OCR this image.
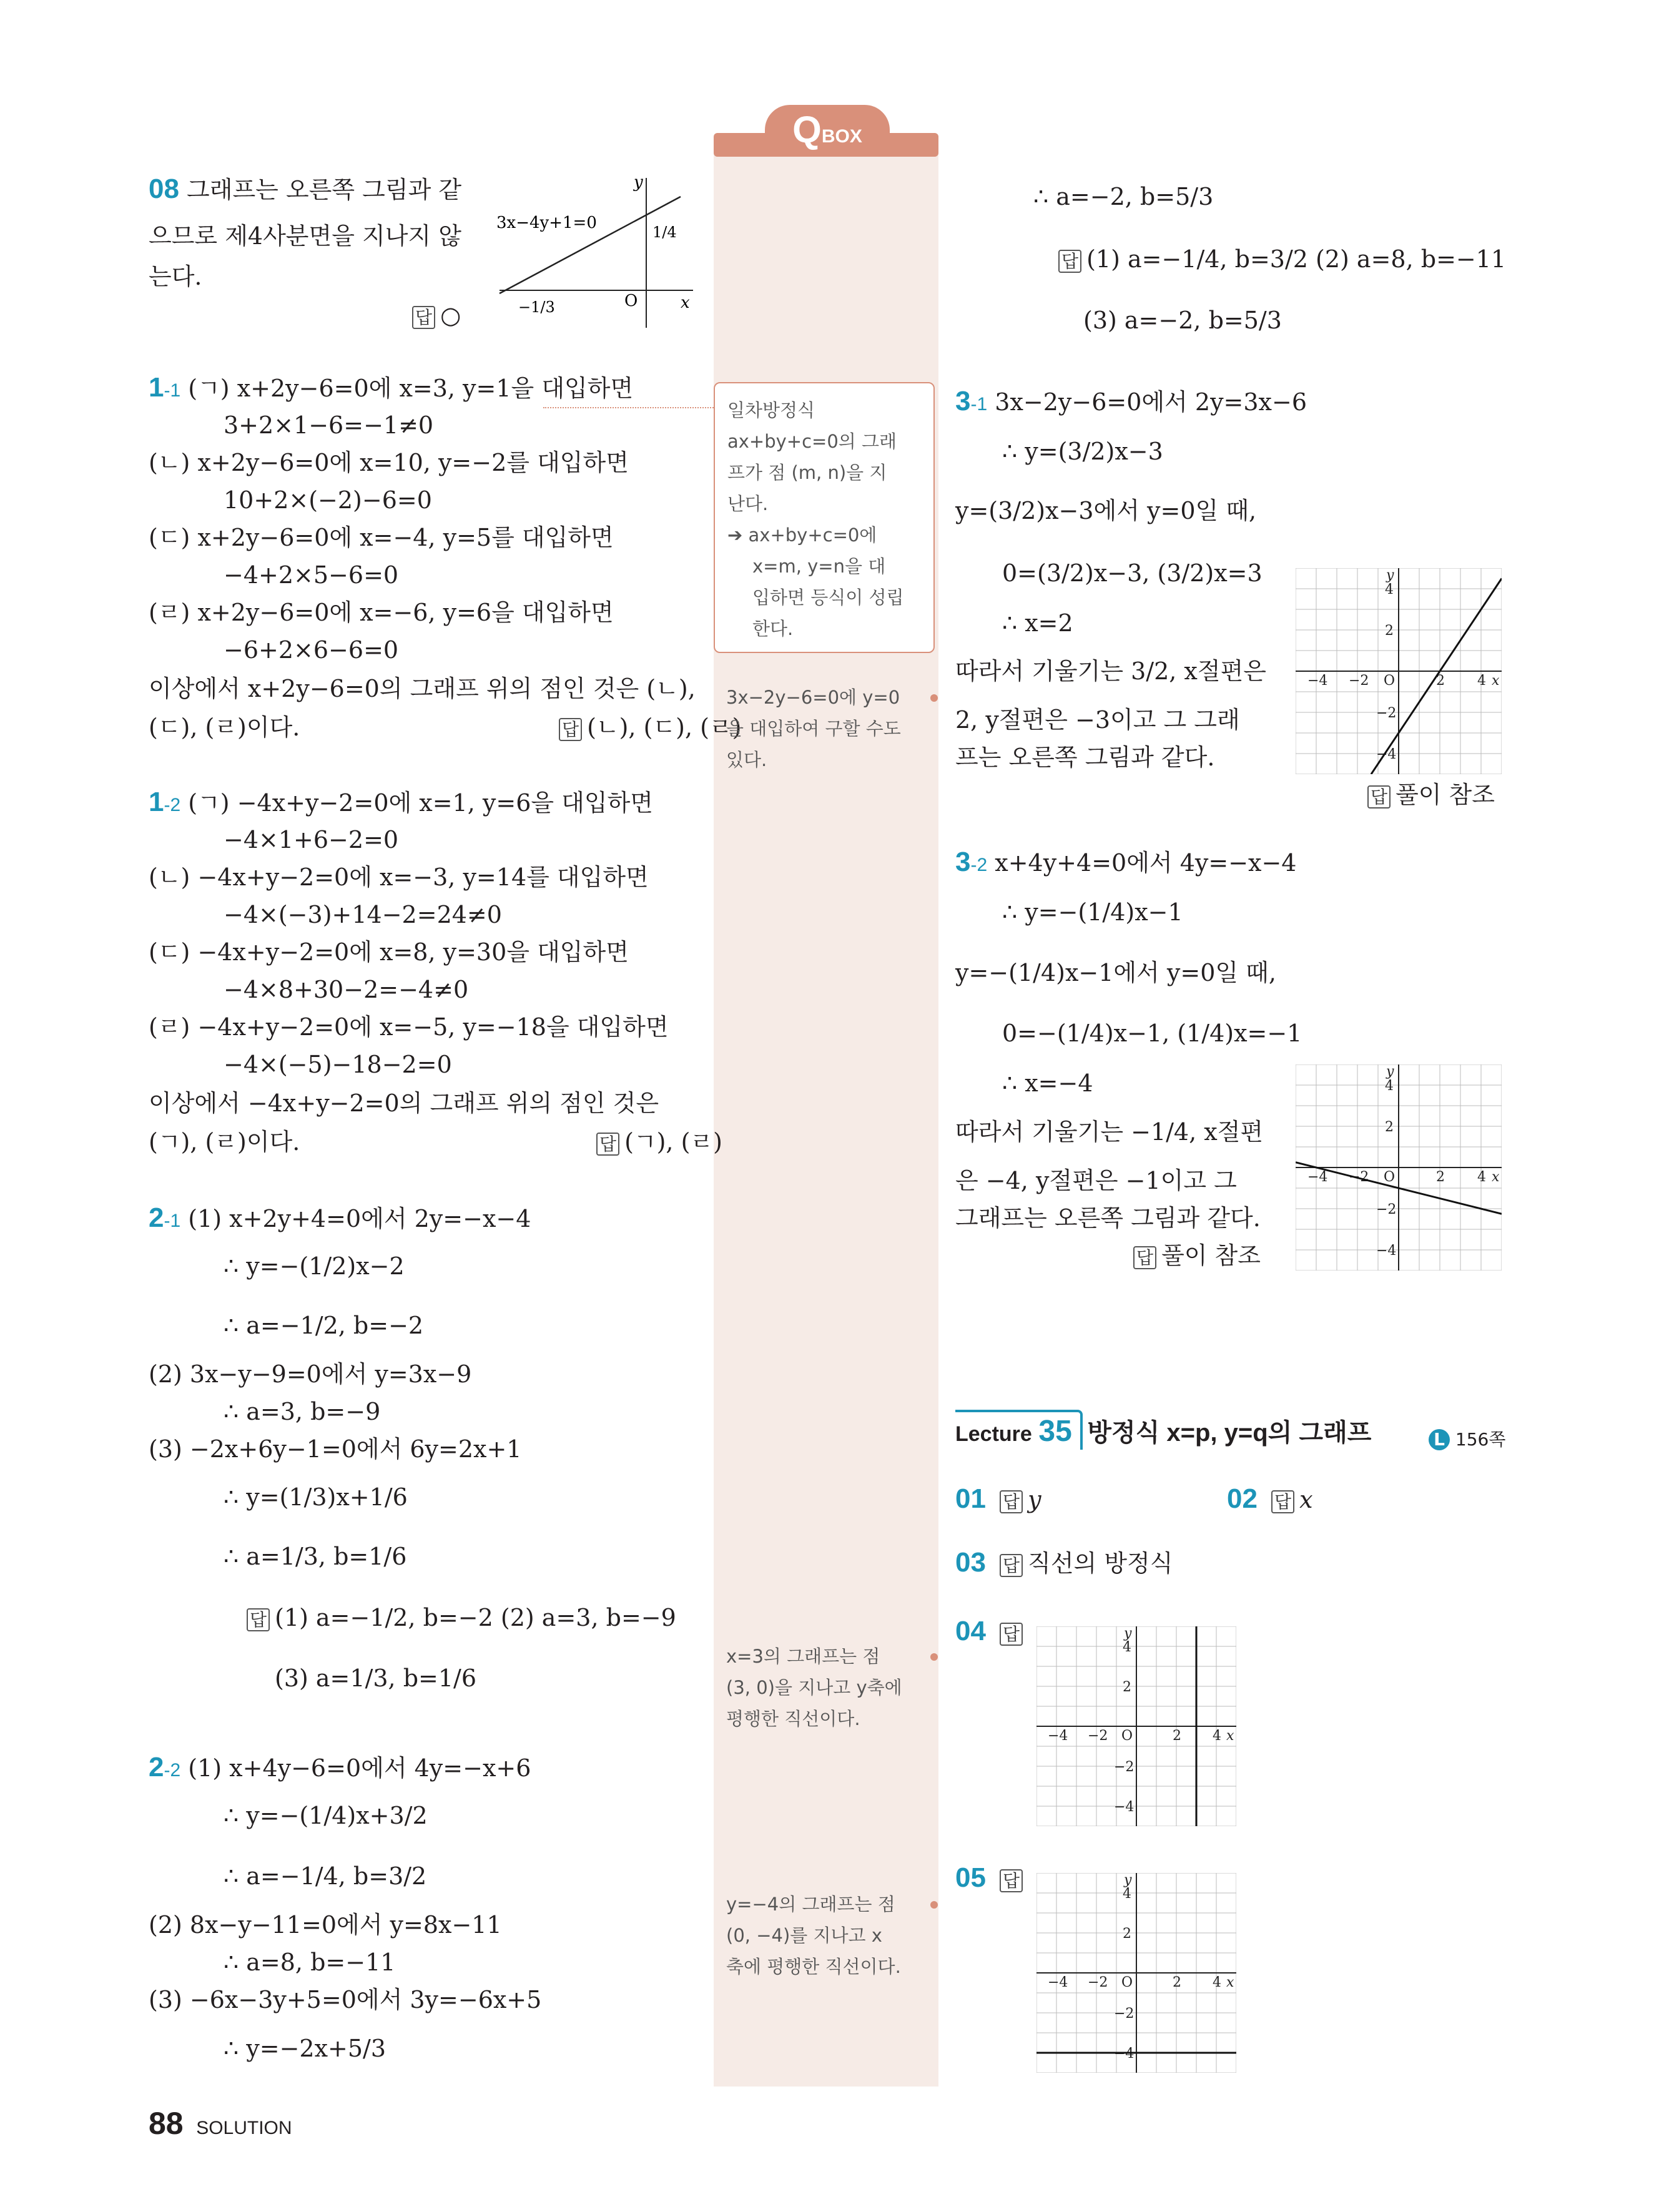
QBOX
08 그래프는 오른쪽 그림과 같
으므로 제4사분면을 지나지 않
는다.
답 ○
3x−4y+1=0	1/4
−1/3	O	x
y
1-1 (ㄱ) x+2y−6=0에 x=3, y=1을 대입하면
3+2×1−6=−1≠0
(ㄴ) x+2y−6=0에 x=10, y=−2를 대입하면
10+2×(−2)−6=0
(ㄷ) x+2y−6=0에 x=−4, y=5를 대입하면
−4+2×5−6=0
(ㄹ) x+2y−6=0에 x=−6, y=6을 대입하면
−6+2×6−6=0
이상에서 x+2y−6=0의 그래프 위의 점인 것은 (ㄴ),
(ㄷ), (ㄹ)이다.	답 (ㄴ), (ㄷ), (ㄹ)
1-2 (ㄱ) −4x+y−2=0에 x=1, y=6을 대입하면
−4×1+6−2=0
(ㄴ) −4x+y−2=0에 x=−3, y=14를 대입하면
−4×(−3)+14−2=24≠0
(ㄷ) −4x+y−2=0에 x=8, y=30을 대입하면
−4×8+30−2=−4≠0
(ㄹ) −4x+y−2=0에 x=−5, y=−18을 대입하면
−4×(−5)−18−2=0
이상에서 −4x+y−2=0의 그래프 위의 점인 것은
(ㄱ), (ㄹ)이다.	답 (ㄱ), (ㄹ)
2-1 (1) x+2y+4=0에서 2y=−x−4
∴ y=−(1/2)x−2
∴ a=−1/2, b=−2
(2) 3x−y−9=0에서 y=3x−9
∴ a=3, b=−9
(3) −2x+6y−1=0에서 6y=2x+1
∴ y=(1/3)x+1/6
∴ a=1/3, b=1/6
답 (1) a=−1/2, b=−2 (2) a=3, b=−9
(3) a=1/3, b=1/6
2-2 (1) x+4y−6=0에서 4y=−x+6
∴ y=−(1/4)x+3/2
∴ a=−1/4, b=3/2
(2) 8x−y−11=0에서 y=8x−11
∴ a=8, b=−11
(3) −6x−3y+5=0에서 3y=−6x+5
∴ y=−2x+5/3
일차방정식
ax+by+c=0의 그래
프가 점 (m, n)을 지
난다.
➔ ax+by+c=0에
x=m, y=n을 대
입하면 등식이 성립
한다.
3x−2y−6=0에 y=0
을 대입하여 구할 수도
있다.
x=3의 그래프는 점
(3, 0)을 지나고 y축에
평행한 직선이다.
y=−4의 그래프는 점
(0, −4)를 지나고 x
축에 평행한 직선이다.
∴ a=−2, b=5/3
답 (1) a=−1/4, b=3/2 (2) a=8, b=−11
(3) a=−2, b=5/3
3-1 3x−2y−6=0에서 2y=3x−6
∴ y=(3/2)x−3
y=(3/2)x−3에서 y=0일 때,
0=(3/2)x−3, (3/2)x=3
∴ x=2
따라서 기울기는 3/2, x절편은
2, y절편은 −3이고 그 그래
프는 오른쪽 그림과 같다.
답 풀이 참조
−4 −2	2 4
O
2
4
−2
−4
x
y
3-2 x+4y+4=0에서 4y=−x−4
∴ y=−(1/4)x−1
y=−(1/4)x−1에서 y=0일 때,
0=−(1/4)x−1, (1/4)x=−1
∴ x=−4
따라서 기울기는 −1/4, x절편
은 −4, y절편은 −1이고 그
그래프는 오른쪽 그림과 같다.
답 풀이 참조
−4 −2	2 4
O
2
4
−2
−4
x
y
Lecture 35 방정식 x=p, y=q의 그래프	L 156쪽
01 답 y	02 답 x
03 답 직선의 방정식
04 답
−4 −2	2 4
O
2
4
−2
−4
x
y
05 답
−4 −2	2 4
O
2
4
−2
−4
x
y
88 SOLUTION
